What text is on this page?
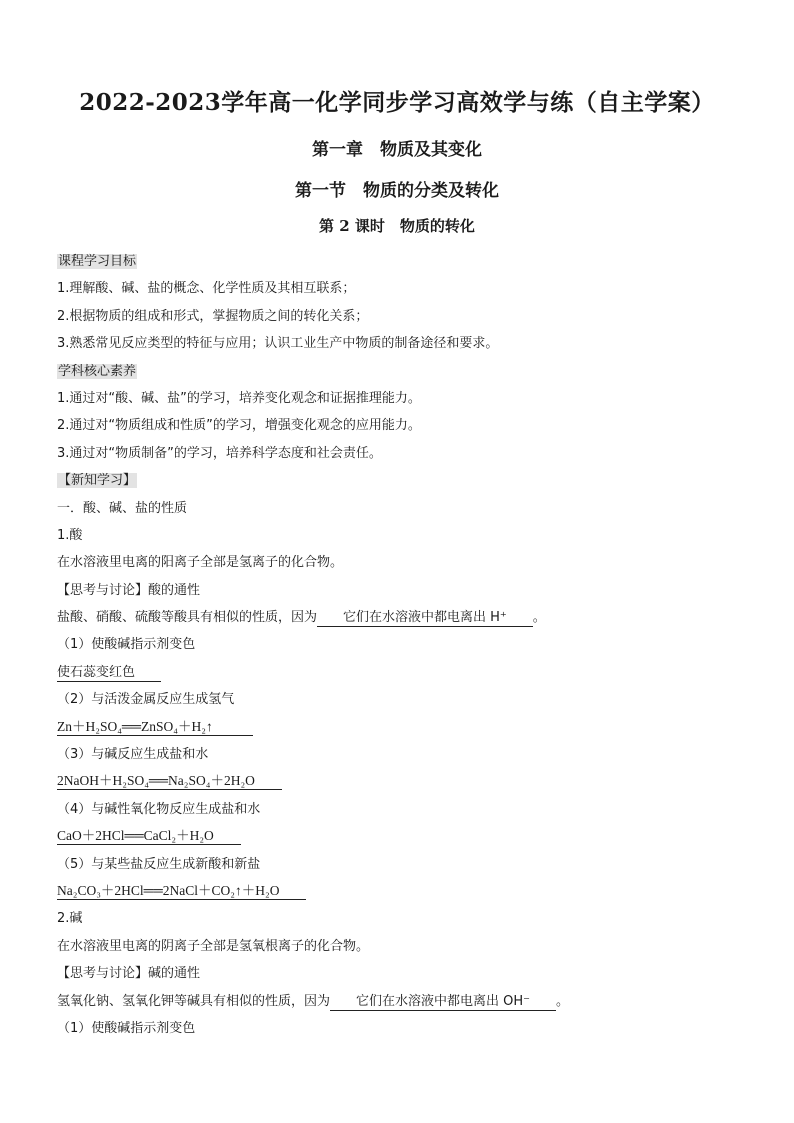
2022-2023学年高一化学同步学习高效学与练（自主学案）
第一章　物质及其变化
第一节　物质的分类及转化
第 2 课时　物质的转化
课程学习目标
1.理解酸、碱、盐的概念、化学性质及其相互联系；
2.根据物质的组成和形式，掌握物质之间的转化关系；
3.熟悉常见反应类型的特征与应用；认识工业生产中物质的制备途径和要求。
学科核心素养
1.通过对“酸、碱、盐”的学习，培养变化观念和证据推理能力。
2.通过对“物质组成和性质”的学习，增强变化观念的应用能力。
3.通过对“物质制备”的学习，培养科学态度和社会责任。
【新知学习】
一．酸、碱、盐的性质
1.酸
在水溶液里电离的阳离子全部是氢离子的化合物。
【思考与讨论】酸的通性
盐酸、硝酸、硫酸等酸具有相似的性质，因为   它们在水溶液中都电离出 H⁺   。
（1）使酸碱指示剂变色
使石蕊变红色  
（2）与活泼金属反应生成氢气
Zn＋H₂SO₄══ZnSO₄＋H₂↑   
（3）与碱反应生成盐和水
2NaOH＋H₂SO₄══Na₂SO₄＋2H₂O  
（4）与碱性氧化物反应生成盐和水
CaO＋2HCl══CaCl₂＋H₂O  
（5）与某些盐反应生成新酸和新盐
Na₂CO₃＋2HCl══2NaCl＋CO₂↑＋H₂O  
2.碱
在水溶液里电离的阴离子全部是氢氧根离子的化合物。
【思考与讨论】碱的通性
氢氧化钠、氢氧化钾等碱具有相似的性质，因为   它们在水溶液中都电离出 OH⁻   。
（1）使酸碱指示剂变色
